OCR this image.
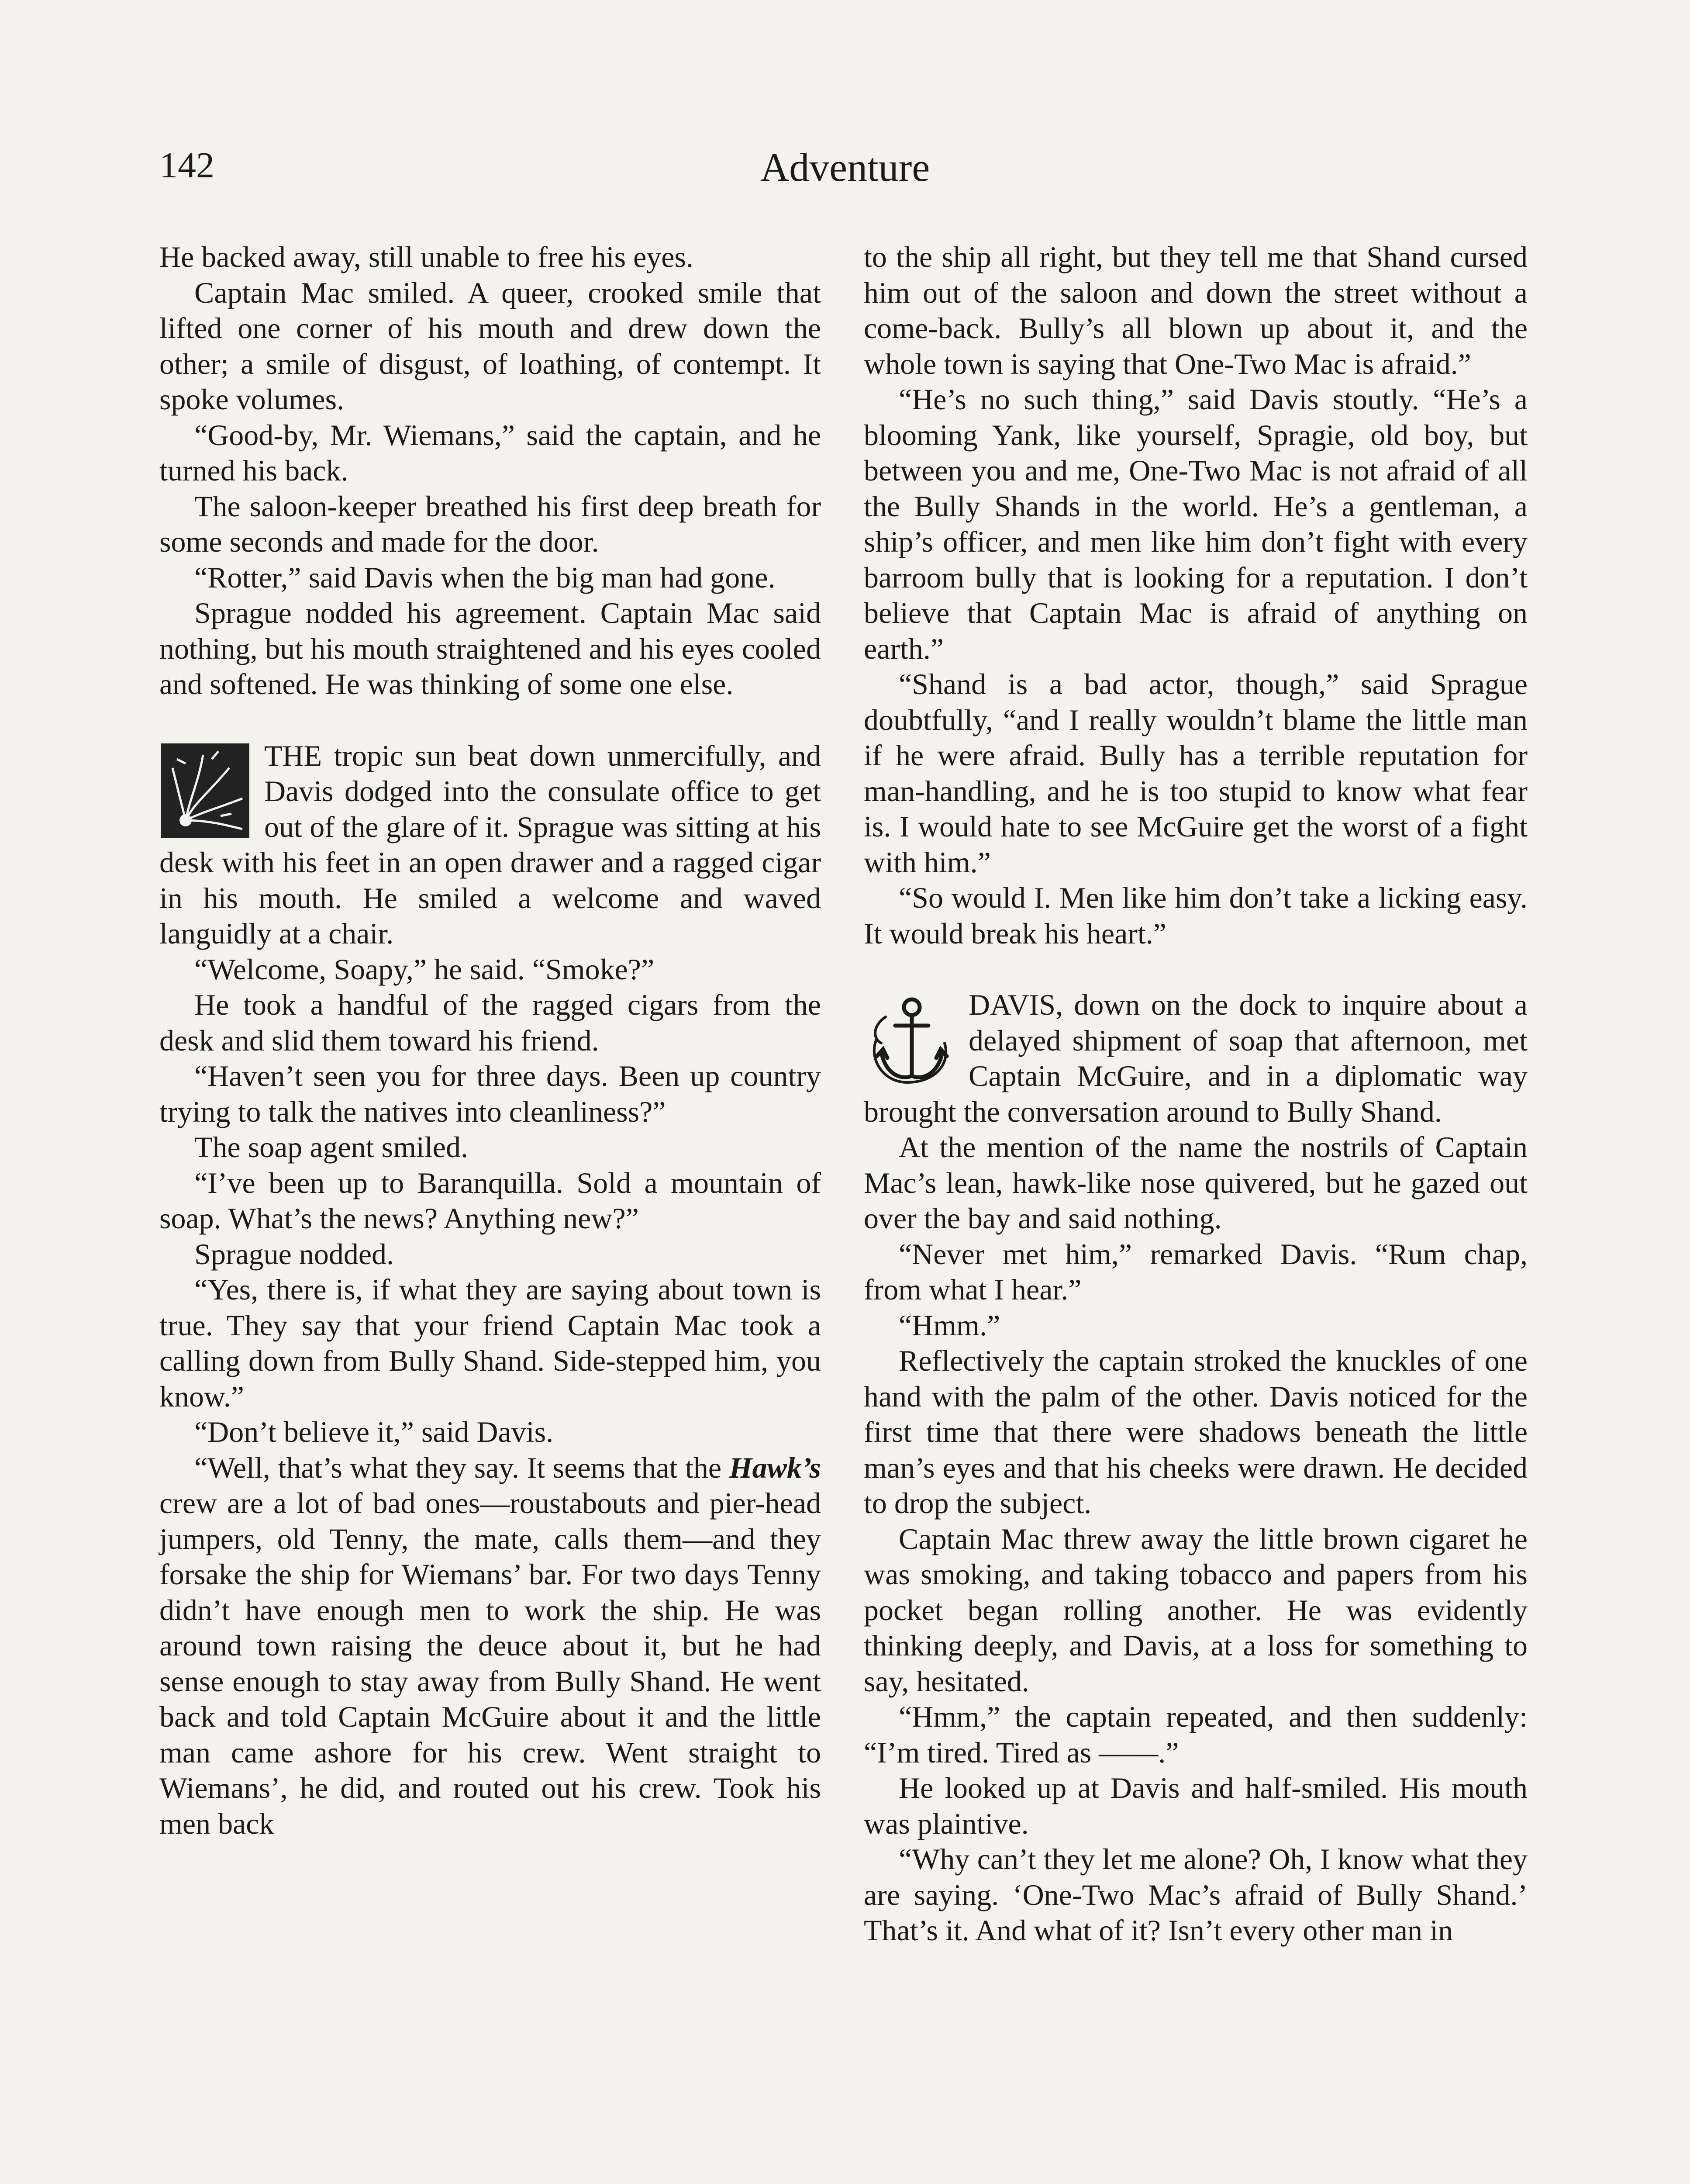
142	Adventure

He backed away, still unable to free his eyes.

Captain Mac smiled. A queer, crooked smile that lifted one corner of his mouth and drew down the other; a smile of disgust, of loathing, of contempt. It spoke volumes.

“Good-by, Mr. Wiemans,” said the captain, and he turned his back.

The saloon-keeper breathed his first deep breath for some seconds and made for the door.

“Rotter,” said Davis when the big man had gone.

Sprague nodded his agreement. Captain Mac said nothing, but his mouth straightened and his eyes cooled and softened. He was thinking of some one else.

THE tropic sun beat down unmercifully, and Davis dodged into the consulate office to get out of the glare of it. Sprague was sitting at his desk with his feet in an open drawer and a ragged cigar in his mouth. He smiled a welcome and waved languidly at a chair.

“Welcome, Soapy,” he said. “Smoke?”

He took a handful of the ragged cigars from the desk and slid them toward his friend.

“Haven’t seen you for three days. Been up country trying to talk the natives into cleanliness?”

The soap agent smiled.

“I’ve been up to Baranquilla. Sold a mountain of soap. What’s the news? Anything new?”

Sprague nodded.

“Yes, there is, if what they are saying about town is true. They say that your friend Captain Mac took a calling down from Bully Shand. Side-stepped him, you know.”

“Don’t believe it,” said Davis.

“Well, that’s what they say. It seems that the Hawk’s crew are a lot of bad ones—roustabouts and pier-head jumpers, old Tenny, the mate, calls them—and they forsake the ship for Wiemans’ bar. For two days Tenny didn’t have enough men to work the ship. He was around town raising the deuce about it, but he had sense enough to stay away from Bully Shand. He went back and told Captain McGuire about it and the little man came ashore for his crew. Went straight to Wiemans’, he did, and routed out his crew. Took his men back

to the ship all right, but they tell me that Shand cursed him out of the saloon and down the street without a come-back. Bully’s all blown up about it, and the whole town is saying that One-Two Mac is afraid.”

“He’s no such thing,” said Davis stoutly. “He’s a blooming Yank, like yourself, Spragie, old boy, but between you and me, One-Two Mac is not afraid of all the Bully Shands in the world. He’s a gentleman, a ship’s officer, and men like him don’t fight with every barroom bully that is looking for a reputation. I don’t believe that Captain Mac is afraid of anything on earth.”

“Shand is a bad actor, though,” said Sprague doubtfully, “and I really wouldn’t blame the little man if he were afraid. Bully has a terrible reputation for man-handling, and he is too stupid to know what fear is. I would hate to see McGuire get the worst of a fight with him.”

“So would I. Men like him don’t take a licking easy. It would break his heart.”

DAVIS, down on the dock to inquire about a delayed shipment of soap that afternoon, met Captain McGuire, and in a diplomatic way brought the conversation around to Bully Shand.

At the mention of the name the nostrils of Captain Mac’s lean, hawk-like nose quivered, but he gazed out over the bay and said nothing.

“Never met him,” remarked Davis. “Rum chap, from what I hear.”

“Hmm.”

Reflectively the captain stroked the knuckles of one hand with the palm of the other. Davis noticed for the first time that there were shadows beneath the little man’s eyes and that his cheeks were drawn. He decided to drop the subject.

Captain Mac threw away the little brown cigaret he was smoking, and taking tobacco and papers from his pocket began rolling another. He was evidently thinking deeply, and Davis, at a loss for something to say, hesitated.

“Hmm,” the captain repeated, and then suddenly: “I’m tired. Tired as ——.”

He looked up at Davis and half-smiled. His mouth was plaintive.

“Why can’t they let me alone? Oh, I know what they are saying. ‘One-Two Mac’s afraid of Bully Shand.’ That’s it. And what of it? Isn’t every other man in
